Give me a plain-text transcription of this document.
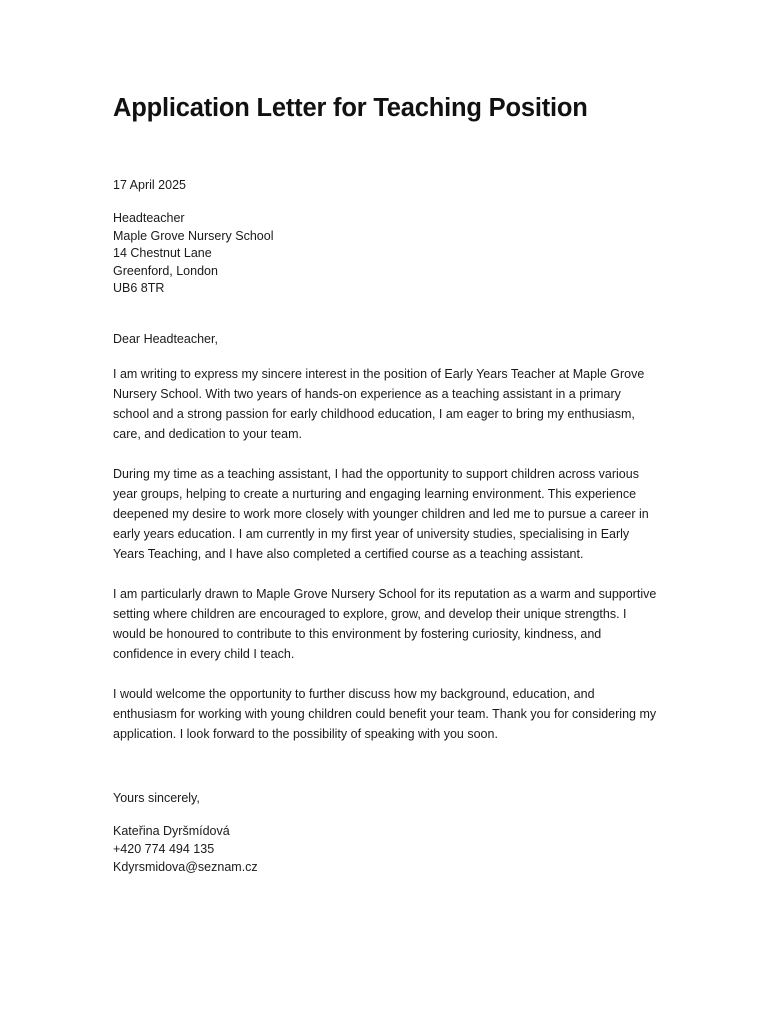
Application Letter for Teaching Position
17 April 2025
Headteacher
Maple Grove Nursery School
14 Chestnut Lane
Greenford, London
UB6 8TR
Dear Headteacher,

I am writing to express my sincere interest in the position of Early Years Teacher at Maple Grove Nursery School. With two years of hands-on experience as a teaching assistant in a primary school and a strong passion for early childhood education, I am eager to bring my enthusiasm, care, and dedication to your team.

During my time as a teaching assistant, I had the opportunity to support children across various year groups, helping to create a nurturing and engaging learning environment. This experience deepened my desire to work more closely with younger children and led me to pursue a career in early years education. I am currently in my first year of university studies, specialising in Early Years Teaching, and I have also completed a certified course as a teaching assistant.

I am particularly drawn to Maple Grove Nursery School for its reputation as a warm and supportive setting where children are encouraged to explore, grow, and develop their unique strengths. I would be honoured to contribute to this environment by fostering curiosity, kindness, and confidence in every child I teach.

I would welcome the opportunity to further discuss how my background, education, and enthusiasm for working with young children could benefit your team. Thank you for considering my application. I look forward to the possibility of speaking with you soon.

Yours sincerely,
Kateřina Dyršmídová
+420 774 494 135
Kdyrsmidova@seznam.cz
